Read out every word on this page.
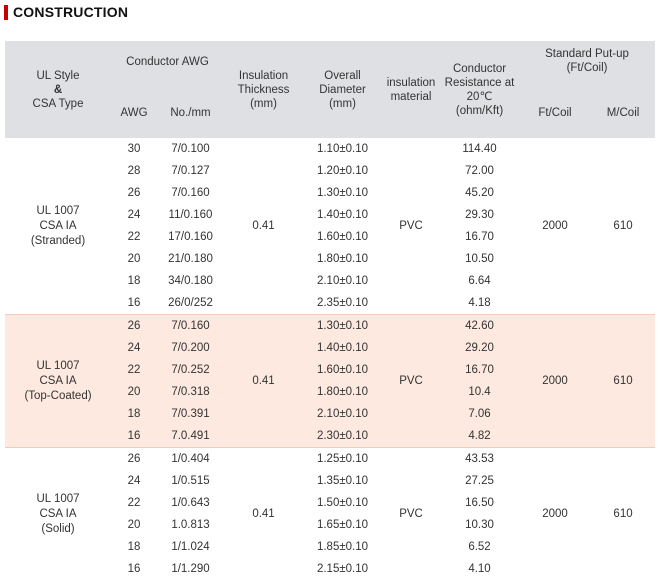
CONSTRUCTION
UL Style
&
CSA Type	Conductor AWG		Insulation
Thickness
(mm)	Overall
Diameter
(mm)	insulation
material	Conductor
Resistance at
20℃
(ohm/Kft)	Standard Put-up
(Ft/Coil)	
	AWG	No./mm					Ft/Coil	M/Coil
UL 1007
CSA IA
(Stranded)	30	7/0.100	0.41	1.10±0.10	PVC	114.40	2000	610
	28	7/0.127		1.20±0.10		72.00		
	26	7/0.160		1.30±0.10		45.20		
	24	11/0.160		1.40±0.10		29.30		
	22	17/0.160		1.60±0.10		16.70		
	20	21/0.180		1.80±0.10		10.50		
	18	34/0.180		2.10±0.10		6.64		
	16	26/0/252		2.35±0.10		4.18		
UL 1007
CSA IA
(Top-Coated)	26	7/0.160	0.41	1.30±0.10	PVC	42.60	2000	610
	24	7/0.200		1.40±0.10		29.20		
	22	7/0.252		1.60±0.10		16.70		
	20	7/0.318		1.80±0.10		10.4		
	18	7/0.391		2.10±0.10		7.06		
	16	7.0.491		2.30±0.10		4.82		
UL 1007
CSA IA
(Solid)	26	1/0.404	0.41	1.25±0.10	PVC	43.53	2000	610
	24	1/0.515		1.35±0.10		27.25		
	22	1/0.643		1.50±0.10		16.50		
	20	1.0.813		1.65±0.10		10.30		
	18	1/1.024		1.85±0.10		6.52		
	16	1/1.290		2.15±0.10		4.10		
